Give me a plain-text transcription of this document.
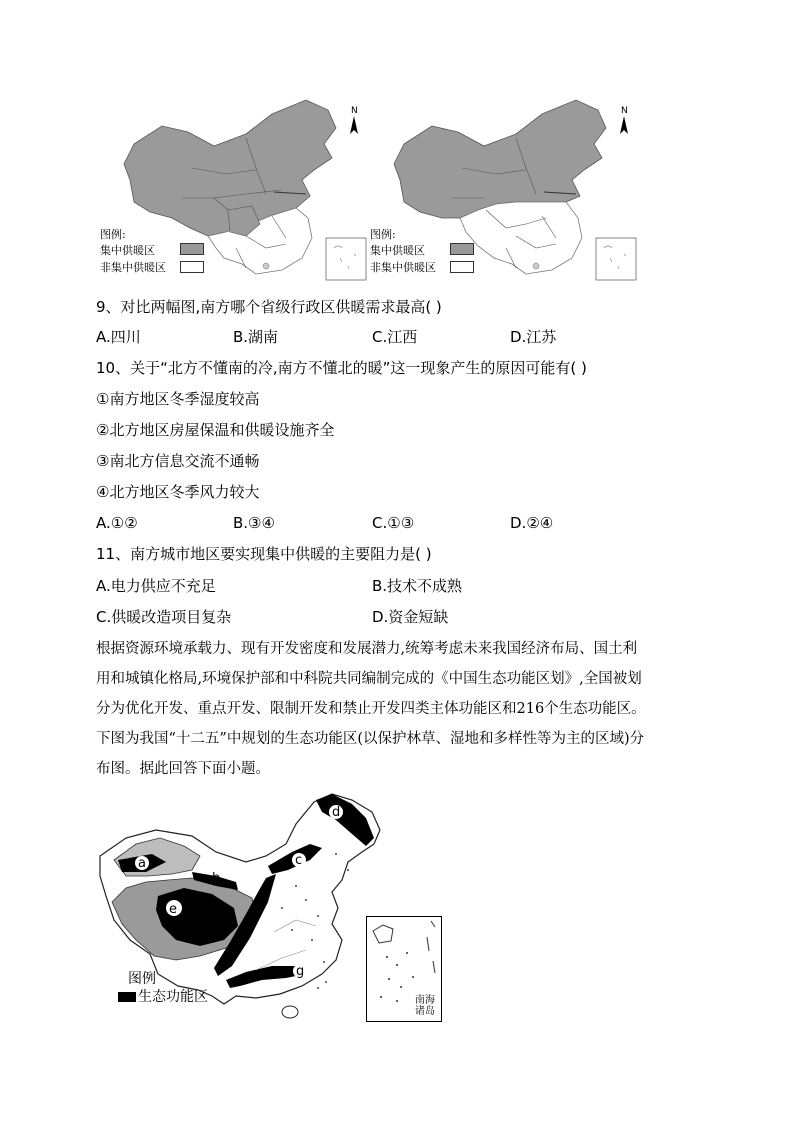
N
图例:
集中供暖区
非集中供暖区
N
图例:
集中供暖区
非集中供暖区
9、对比两幅图,南方哪个省级行政区供暖需求最高( )
A.四川	B.湖南	C.江西	D.江苏
10、关于“北方不懂南的冷,南方不懂北的暖”这一现象产生的原因可能有( )
①南方地区冬季湿度较高
②北方地区房屋保温和供暖设施齐全
③南北方信息交流不通畅
④北方地区冬季风力较大
A.①②	B.③④	C.①③	D.②④
11、南方城市地区要实现集中供暖的主要阻力是( )
A.电力供应不充足	B.技术不成熟
C.供暖改造项目复杂	D.资金短缺
根据资源环境承载力、现有开发密度和发展潜力,统筹考虑未来我国经济布局、国土利
用和城镇化格局,环境保护部和中科院共同编制完成的《中国生态功能区划》,全国被划
分为优化开发、重点开发、限制开发和禁止开发四类主体功能区和216个生态功能区。
下图为我国“十二五”中规划的生态功能区(以保护林草、湿地和多样性等为主的区域)分
布图。据此回答下面小题。
a
b
c
d
e	f
g
图例
生态功能区	南海
诸岛
